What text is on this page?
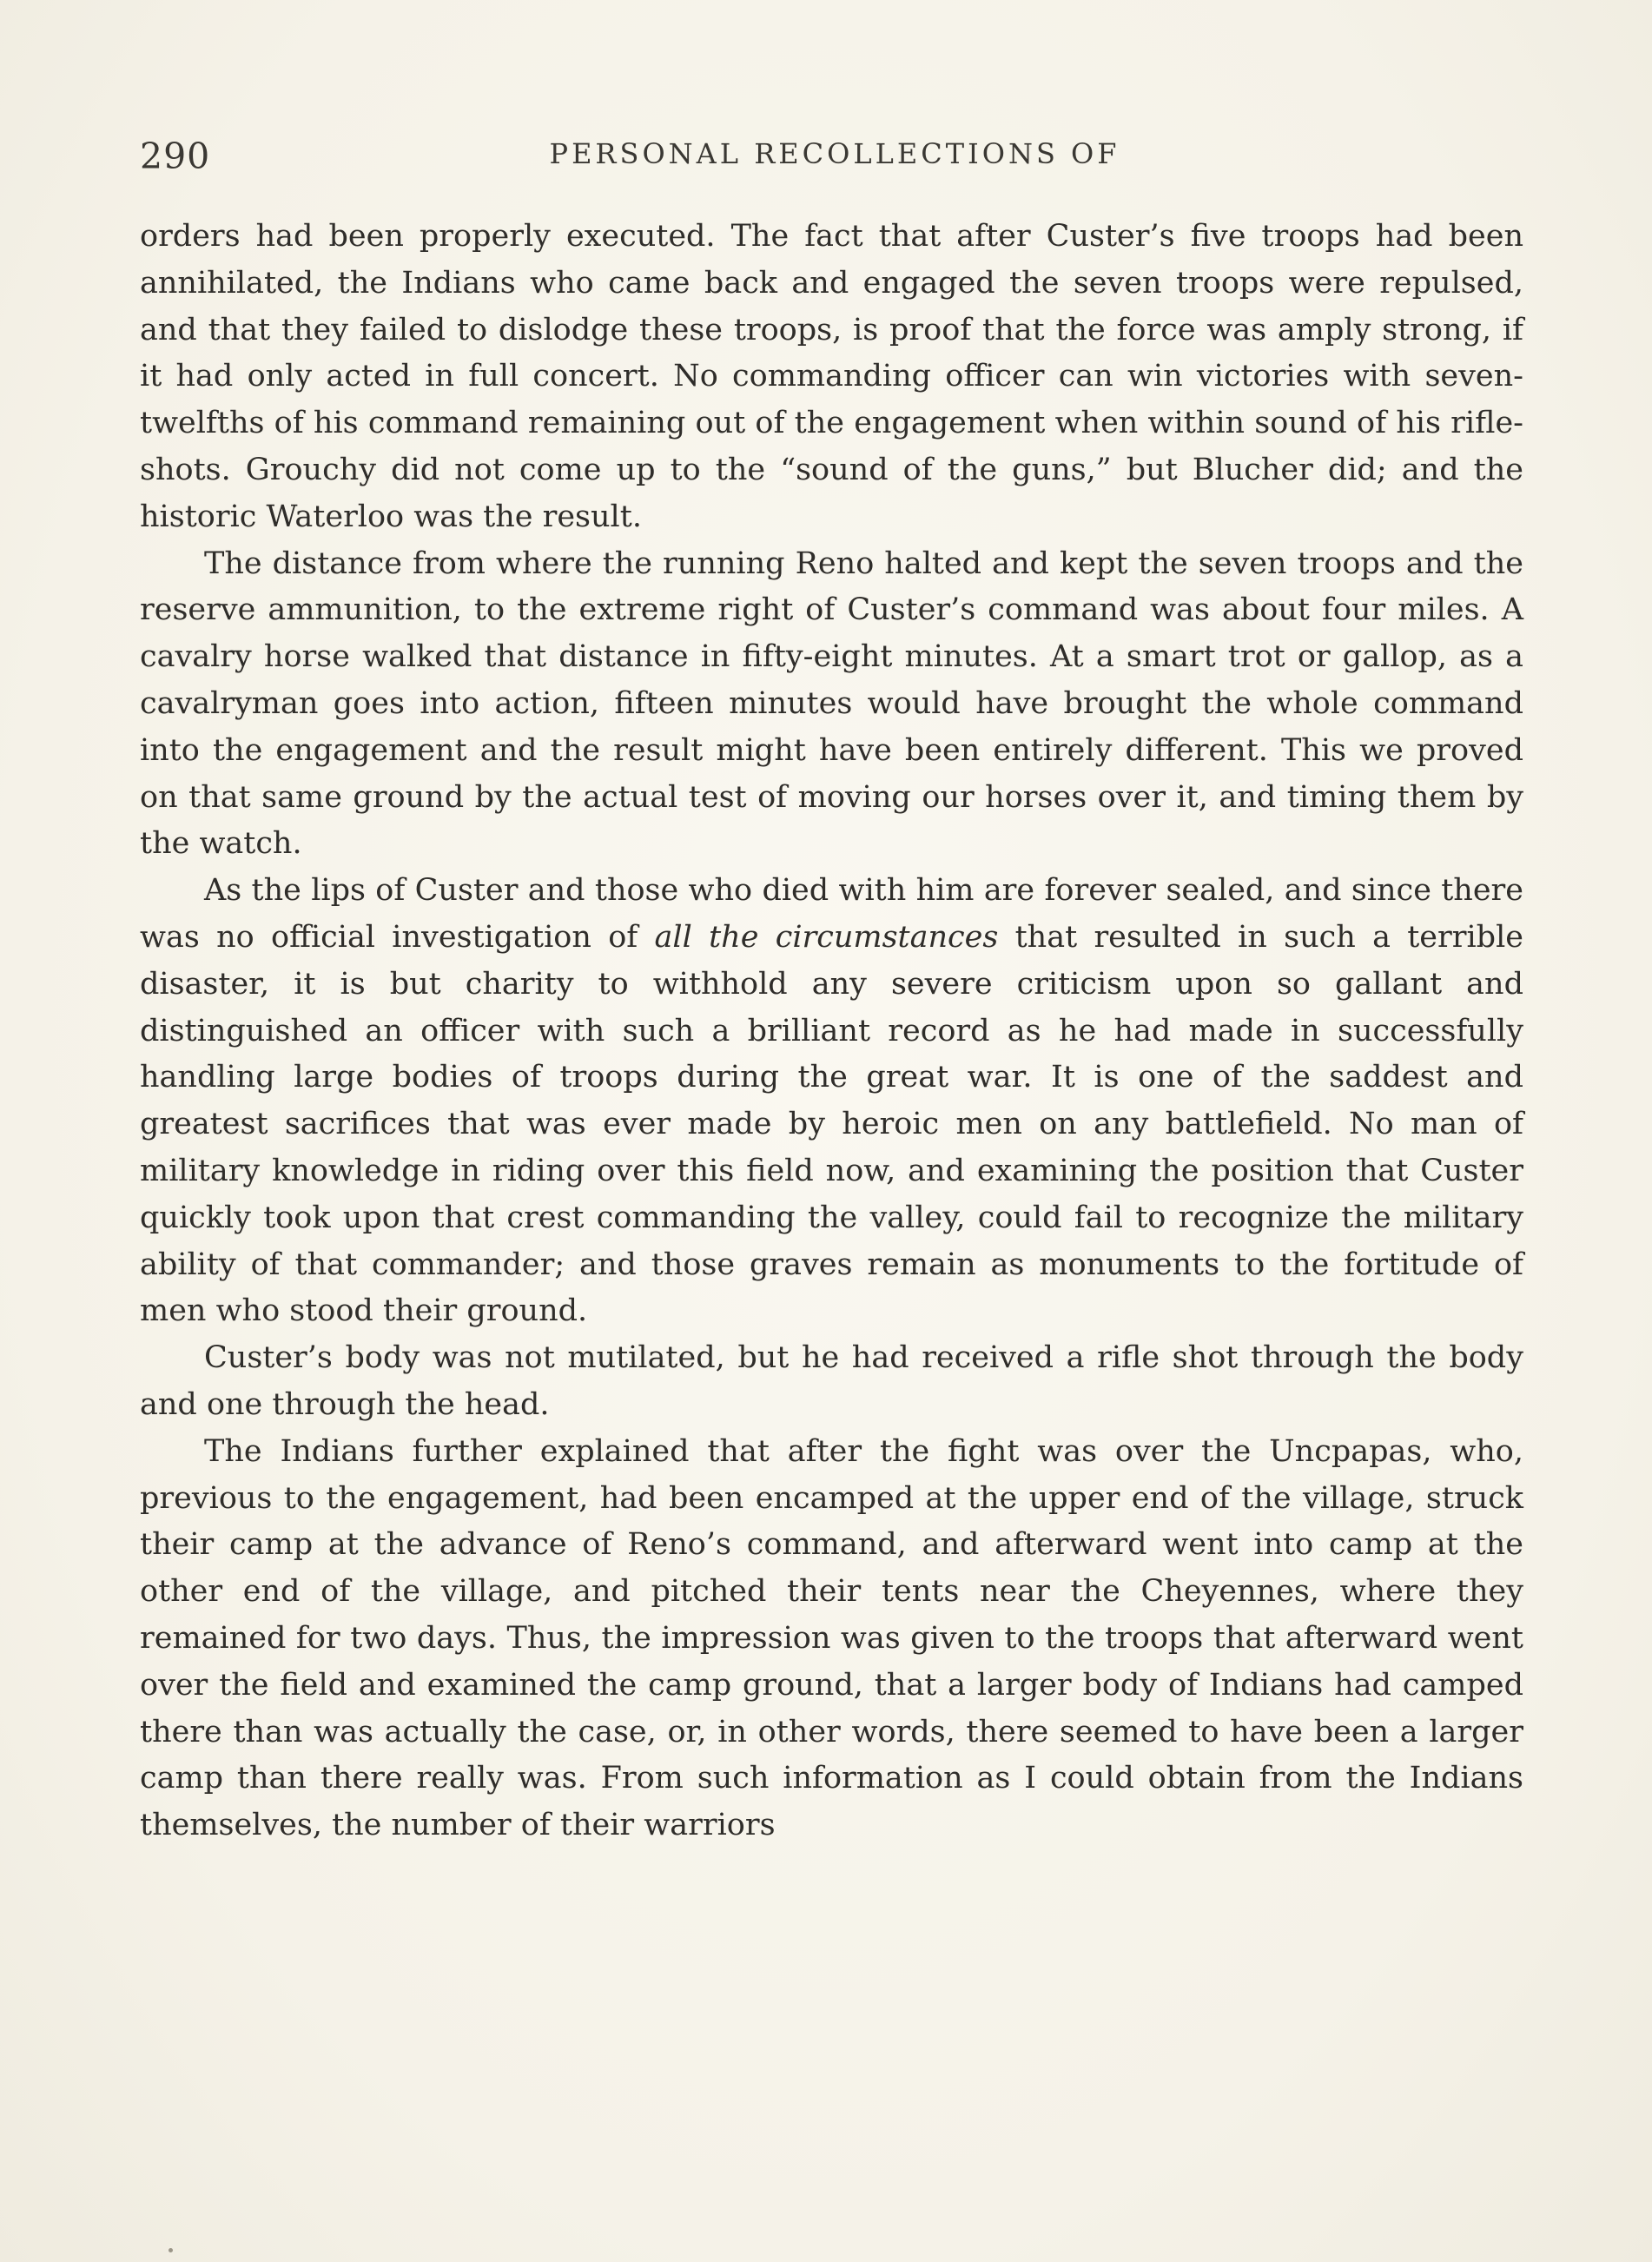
290	PERSONAL RECOLLECTIONS OF

orders had been properly executed. The fact that after Custer’s five troops had been annihilated, the Indians who came back and engaged the seven troops were repulsed, and that they failed to dislodge these troops, is proof that the force was amply strong, if it had only acted in full concert. No commanding officer can win victories with seven-twelfths of his command remaining out of the engagement when within sound of his rifle-shots. Grouchy did not come up to the “sound of the guns,” but Blucher did; and the historic Waterloo was the result.

The distance from where the running Reno halted and kept the seven troops and the reserve ammunition, to the extreme right of Custer’s command was about four miles. A cavalry horse walked that distance in fifty-eight minutes. At a smart trot or gallop, as a cavalryman goes into action, fifteen minutes would have brought the whole command into the engagement and the result might have been entirely different. This we proved on that same ground by the actual test of moving our horses over it, and timing them by the watch.

As the lips of Custer and those who died with him are forever sealed, and since there was no official investigation of all the circumstances that resulted in such a terrible disaster, it is but charity to withhold any severe criticism upon so gallant and distinguished an officer with such a brilliant record as he had made in successfully handling large bodies of troops during the great war. It is one of the saddest and greatest sacrifices that was ever made by heroic men on any battlefield. No man of military knowledge in riding over this field now, and examining the position that Custer quickly took upon that crest commanding the valley, could fail to recognize the military ability of that commander; and those graves remain as monuments to the fortitude of men who stood their ground.

Custer’s body was not mutilated, but he had received a rifle shot through the body and one through the head.

The Indians further explained that after the fight was over the Uncpapas, who, previous to the engagement, had been encamped at the upper end of the village, struck their camp at the advance of Reno’s command, and afterward went into camp at the other end of the village, and pitched their tents near the Cheyennes, where they remained for two days. Thus, the impression was given to the troops that afterward went over the field and examined the camp ground, that a larger body of Indians had camped there than was actually the case, or, in other words, there seemed to have been a larger camp than there really was. From such information as I could obtain from the Indians themselves, the number of their warriors
